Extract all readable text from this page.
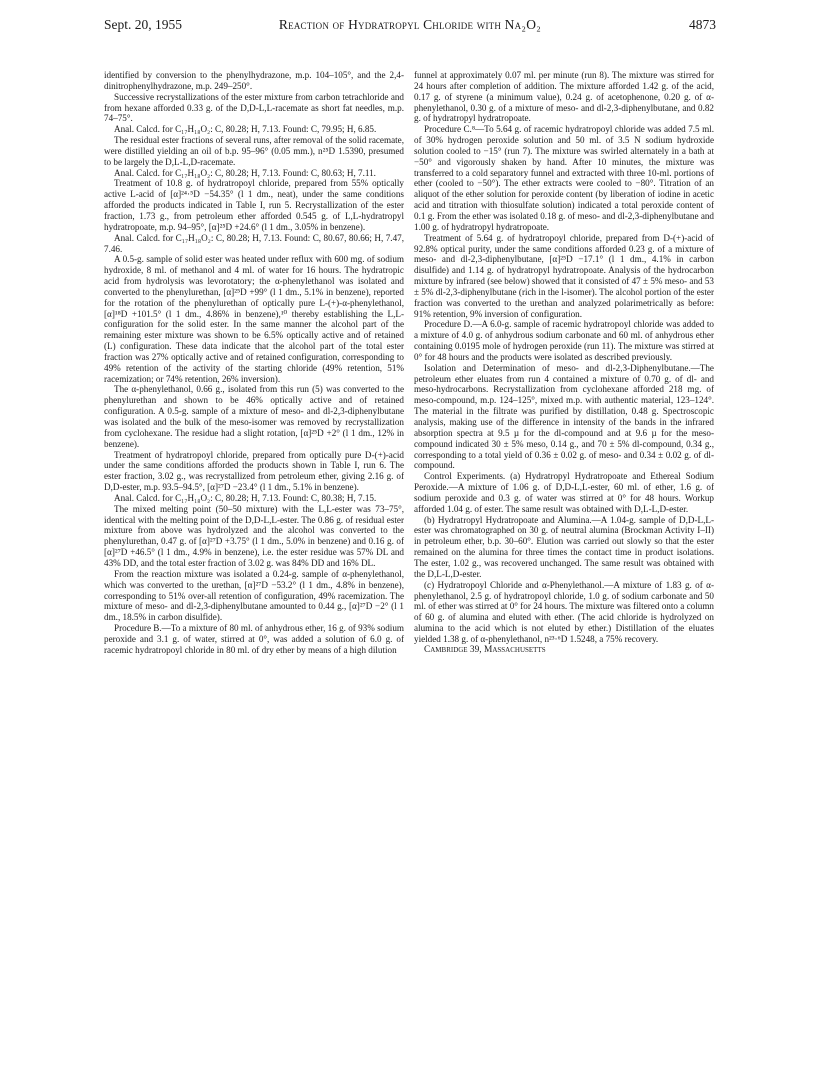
Sept. 20, 1955	Reaction of Hydratropyl Chloride with Na₂O₂	4873

identified by conversion to the phenylhydrazone, m.p. 104–105°, and the 2,4-dinitrophenylhydrazone, m.p. 249–250°.

Successive recrystallizations of the ester mixture from carbon tetrachloride and from hexane afforded 0.33 g. of the D,D-L,L-racemate as short fat needles, m.p. 74–75°.

Anal. Calcd. for C₁₇H₁₈O₂: C, 80.28; H, 7.13. Found: C, 79.95; H, 6.85.

The residual ester fractions of several runs, after removal of the solid racemate, were distilled yielding an oil of b.p. 95–96° (0.05 mm.), n²⁵D 1.5390, presumed to be largely the D,L-L,D-racemate.

Anal. Calcd. for C₁₇H₁₈O₂: C, 80.28; H, 7.13. Found: C, 80.63; H, 7.11.

Treatment of 10.8 g. of hydratropoyl chloride, prepared from 55% optically active L-acid of [α]²⁴·⁵D −54.35° (l 1 dm., neat), under the same conditions afforded the products indicated in Table I, run 5. Recrystallization of the ester fraction, 1.73 g., from petroleum ether afforded 0.545 g. of L,L-hydratropyl hydratropoate, m.p. 94–95°, [α]²⁵D +24.6° (l 1 dm., 3.05% in benzene).

Anal. Calcd. for C₁₇H₁₈O₂: C, 80.28; H, 7.13. Found: C, 80.67, 80.66; H, 7.47, 7.46.

A 0.5-g. sample of solid ester was heated under reflux with 600 mg. of sodium hydroxide, 8 ml. of methanol and 4 ml. of water for 16 hours. The hydratropic acid from hydrolysis was levorotatory; the α-phenylethanol was isolated and converted to the phenylurethan, [α]²⁵D +99° (l 1 dm., 5.1% in benzene), reported for the rotation of the phenylurethan of optically pure L-(+)-α-phenylethanol, [α]¹⁸D +101.5° (l 1 dm., 4.86% in benzene),¹⁰ thereby establishing the L,L-configuration for the solid ester. In the same manner the alcohol part of the remaining ester mixture was shown to be 6.5% optically active and of retained (L) configuration. These data indicate that the alcohol part of the total ester fraction was 27% optically active and of retained configuration, corresponding to 49% retention of the activity of the starting chloride (49% retention, 51% racemization; or 74% retention, 26% inversion).

The α-phenylethanol, 0.66 g., isolated from this run (5) was converted to the phenylurethan and shown to be 46% optically active and of retained configuration. A 0.5-g. sample of a mixture of meso- and dl-2,3-diphenylbutane was isolated and the bulk of the meso-isomer was removed by recrystallization from cyclohexane. The residue had a slight rotation, [α]²⁵D +2° (l 1 dm., 12% in benzene).

Treatment of hydratropoyl chloride, prepared from optically pure D-(+)-acid under the same conditions afforded the products shown in Table I, run 6. The ester fraction, 3.02 g., was recrystallized from petroleum ether, giving 2.16 g. of D,D-ester, m.p. 93.5–94.5°, [α]²⁷D −23.4° (l 1 dm., 5.1% in benzene).

Anal. Calcd. for C₁₇H₁₈O₂: C, 80.28; H, 7.13. Found: C, 80.38; H, 7.15.

The mixed melting point (50–50 mixture) with the L,L-ester was 73–75°, identical with the melting point of the D,D-L,L-ester. The 0.86 g. of residual ester mixture from above was hydrolyzed and the alcohol was converted to the phenylurethan, 0.47 g. of [α]²⁷D +3.75° (l 1 dm., 5.0% in benzene) and 0.16 g. of [α]²⁷D +46.5° (l 1 dm., 4.9% in benzene), i.e. the ester residue was 57% DL and 43% DD, and the total ester fraction of 3.02 g. was 84% DD and 16% DL.

From the reaction mixture was isolated a 0.24-g. sample of α-phenylethanol, which was converted to the urethan, [α]²⁷D −53.2° (l 1 dm., 4.8% in benzene), corresponding to 51% over-all retention of configuration, 49% racemization. The mixture of meso- and dl-2,3-diphenylbutane amounted to 0.44 g., [α]²⁷D −2° (l 1 dm., 18.5% in carbon disulfide).

Procedure B.—To a mixture of 80 ml. of anhydrous ether, 16 g. of 93% sodium peroxide and 3.1 g. of water, stirred at 0°, was added a solution of 6.0 g. of racemic hydratropoyl chloride in 80 ml. of dry ether by means of a high dilution

funnel at approximately 0.07 ml. per minute (run 8). The mixture was stirred for 24 hours after completion of addition. The mixture afforded 1.42 g. of the acid, 0.17 g. of styrene (a minimum value), 0.24 g. of acetophenone, 0.20 g. of α-phenylethanol, 0.30 g. of a mixture of meso- and dl-2,3-diphenylbutane, and 0.82 g. of hydratropyl hydratropoate.

Procedure C.⁸—To 5.64 g. of racemic hydratropoyl chloride was added 7.5 ml. of 30% hydrogen peroxide solution and 50 ml. of 3.5 N sodium hydroxide solution cooled to −15° (run 7). The mixture was swirled alternately in a bath at −50° and vigorously shaken by hand. After 10 minutes, the mixture was transferred to a cold separatory funnel and extracted with three 10-ml. portions of ether (cooled to −50°). The ether extracts were cooled to −80°. Titration of an aliquot of the ether solution for peroxide content (by liberation of iodine in acetic acid and titration with thiosulfate solution) indicated a total peroxide content of 0.1 g. From the ether was isolated 0.18 g. of meso- and dl-2,3-diphenylbutane and 1.00 g. of hydratropyl hydratropoate.

Treatment of 5.64 g. of hydratropoyl chloride, prepared from D-(+)-acid of 92.8% optical purity, under the same conditions afforded 0.23 g. of a mixture of meso- and dl-2,3-diphenylbutane, [α]²⁵D −17.1° (l 1 dm., 4.1% in carbon disulfide) and 1.14 g. of hydratropyl hydratropoate. Analysis of the hydrocarbon mixture by infrared (see below) showed that it consisted of 47 ± 5% meso- and 53 ± 5% dl-2,3-diphenylbutane (rich in the l-isomer). The alcohol portion of the ester fraction was converted to the urethan and analyzed polarimetrically as before: 91% retention, 9% inversion of configuration.

Procedure D.—A 6.0-g. sample of racemic hydratropoyl chloride was added to a mixture of 4.0 g. of anhydrous sodium carbonate and 60 ml. of anhydrous ether containing 0.0195 mole of hydrogen peroxide (run 11). The mixture was stirred at 0° for 48 hours and the products were isolated as described previously.

Isolation and Determination of meso- and dl-2,3-Diphenylbutane.—The petroleum ether eluates from run 4 contained a mixture of 0.70 g. of dl- and meso-hydrocarbons. Recrystallization from cyclohexane afforded 218 mg. of meso-compound, m.p. 124–125°, mixed m.p. with authentic material, 123–124°. The material in the filtrate was purified by distillation, 0.48 g. Spectroscopic analysis, making use of the difference in intensity of the bands in the infrared absorption spectra at 9.5 µ for the dl-compound and at 9.6 µ for the meso-compound indicated 30 ± 5% meso, 0.14 g., and 70 ± 5% dl-compound, 0.34 g., corresponding to a total yield of 0.36 ± 0.02 g. of meso- and 0.34 ± 0.02 g. of dl-compound.

Control Experiments. (a) Hydratropyl Hydratropoate and Ethereal Sodium Peroxide.—A mixture of 1.06 g. of D,D-L,L-ester, 60 ml. of ether, 1.6 g. of sodium peroxide and 0.3 g. of water was stirred at 0° for 48 hours. Workup afforded 1.04 g. of ester. The same result was obtained with D,L-L,D-ester.

(b) Hydratropyl Hydratropoate and Alumina.—A 1.04-g. sample of D,D-L,L-ester was chromatographed on 30 g. of neutral alumina (Brockman Activity I–II) in petroleum ether, b.p. 30–60°. Elution was carried out slowly so that the ester remained on the alumina for three times the contact time in product isolations. The ester, 1.02 g., was recovered unchanged. The same result was obtained with the D,L-L,D-ester.

(c) Hydratropoyl Chloride and α-Phenylethanol.—A mixture of 1.83 g. of α-phenylethanol, 2.5 g. of hydratropoyl chloride, 1.0 g. of sodium carbonate and 50 ml. of ether was stirred at 0° for 24 hours. The mixture was filtered onto a column of 60 g. of alumina and eluted with ether. (The acid chloride is hydrolyzed on alumina to the acid which is not eluted by ether.) Distillation of the eluates yielded 1.38 g. of α-phenylethanol, n²³·⁶D 1.5248, a 75% recovery.

Cambridge 39, Massachusetts
